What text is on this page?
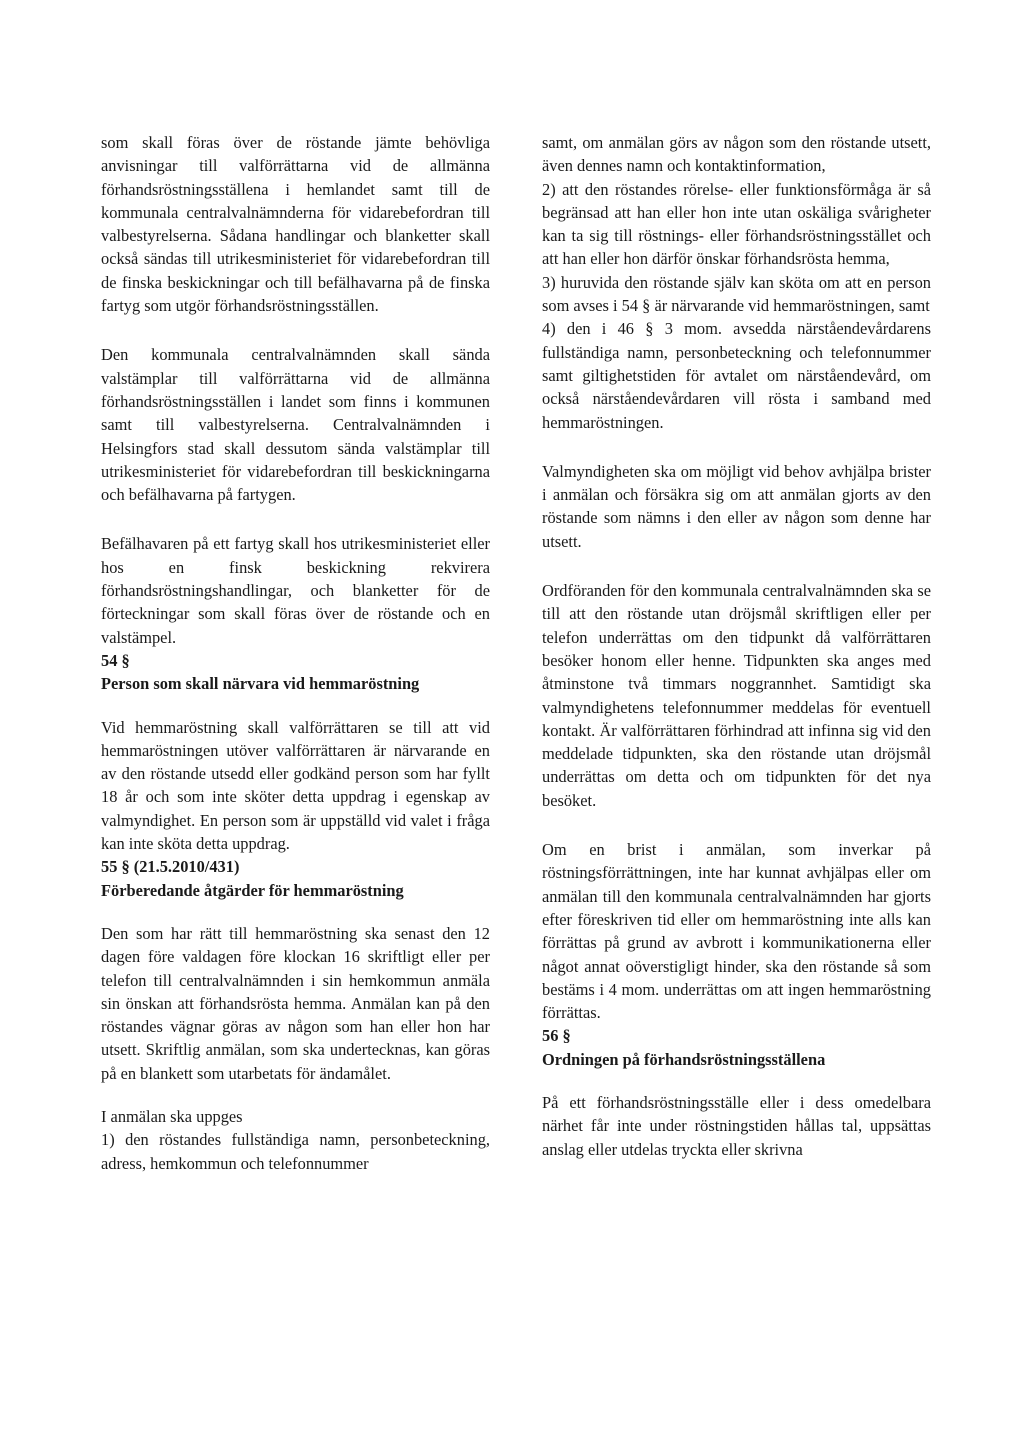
som skall föras över de röstande jämte behövliga anvisningar till valförrättarna vid de allmänna förhandsröstningsställena i hemlandet samt till de kommunala centralvalnämnderna för vidarebefordran till valbestyrelserna. Sådana handlingar och blanketter skall också sändas till utrikesministeriet för vidarebefordran till de finska beskickningar och till befälhavarna på de finska fartyg som utgör förhandsröstningsställen.

Den kommunala centralvalnämnden skall sända valstämplar till valförrättarna vid de allmänna förhandsröstningsställen i landet som finns i kommunen samt till valbestyrelserna. Centralvalnämnden i Helsingfors stad skall dessutom sända valstämplar till utrikesministeriet för vidarebefordran till beskickningarna och befälhavarna på fartygen.

Befälhavaren på ett fartyg skall hos utrikesministeriet eller hos en finsk beskickning rekvirera förhandsröstningshandlingar, och blanketter för de förteckningar som skall föras över de röstande och en valstämpel.

54 §

Person som skall närvara vid hemmaröstning

Vid hemmaröstning skall valförrättaren se till att vid hemmaröstningen utöver valförrättaren är närvarande en av den röstande utsedd eller godkänd person som har fyllt 18 år och som inte sköter detta uppdrag i egenskap av valmyndighet. En person som är uppställd vid valet i fråga kan inte sköta detta uppdrag.

55 § (21.5.2010/431)

Förberedande åtgärder för hemmaröstning

Den som har rätt till hemmaröstning ska senast den 12 dagen före valdagen före klockan 16 skriftligt eller per telefon till centralvalnämnden i sin hemkommun anmäla sin önskan att förhandsrösta hemma. Anmälan kan på den röstandes vägnar göras av någon som han eller hon har utsett. Skriftlig anmälan, som ska undertecknas, kan göras på en blankett som utarbetats för ändamålet.

I anmälan ska uppges

1) den röstandes fullständiga namn, personbeteckning, adress, hemkommun och telefonnummer

samt, om anmälan görs av någon som den röstande utsett, även dennes namn och kontaktinformation,

2) att den röstandes rörelse- eller funktionsförmåga är så begränsad att han eller hon inte utan oskäliga svårigheter kan ta sig till röstnings- eller förhandsröstningsstället och att han eller hon därför önskar förhandsrösta hemma,

3) huruvida den röstande själv kan sköta om att en person som avses i 54 § är närvarande vid hemmaröstningen, samt

4) den i 46 § 3 mom. avsedda närståendevårdarens fullständiga namn, personbeteckning och telefonnummer samt giltighetstiden för avtalet om närståendevård, om också närståendevårdaren vill rösta i samband med hemmaröstningen.

Valmyndigheten ska om möjligt vid behov avhjälpa brister i anmälan och försäkra sig om att anmälan gjorts av den röstande som nämns i den eller av någon som denne har utsett.

Ordföranden för den kommunala centralvalnämnden ska se till att den röstande utan dröjsmål skriftligen eller per telefon underrättas om den tidpunkt då valförrättaren besöker honom eller henne. Tidpunkten ska anges med åtminstone två timmars noggrannhet. Samtidigt ska valmyndighetens telefonnummer meddelas för eventuell kontakt. Är valförrättaren förhindrad att infinna sig vid den meddelade tidpunkten, ska den röstande utan dröjsmål underrättas om detta och om tidpunkten för det nya besöket.

Om en brist i anmälan, som inverkar på röstningsförrättningen, inte har kunnat avhjälpas eller om anmälan till den kommunala centralvalnämnden har gjorts efter föreskriven tid eller om hemmaröstning inte alls kan förrättas på grund av avbrott i kommunikationerna eller något annat oöverstigligt hinder, ska den röstande så som bestäms i 4 mom. underrättas om att ingen hemmaröstning förrättas.

56 §

Ordningen på förhandsröstningsställena

På ett förhandsröstningsställe eller i dess omedelbara närhet får inte under röstningstiden hållas tal, uppsättas anslag eller utdelas tryckta eller skrivna
